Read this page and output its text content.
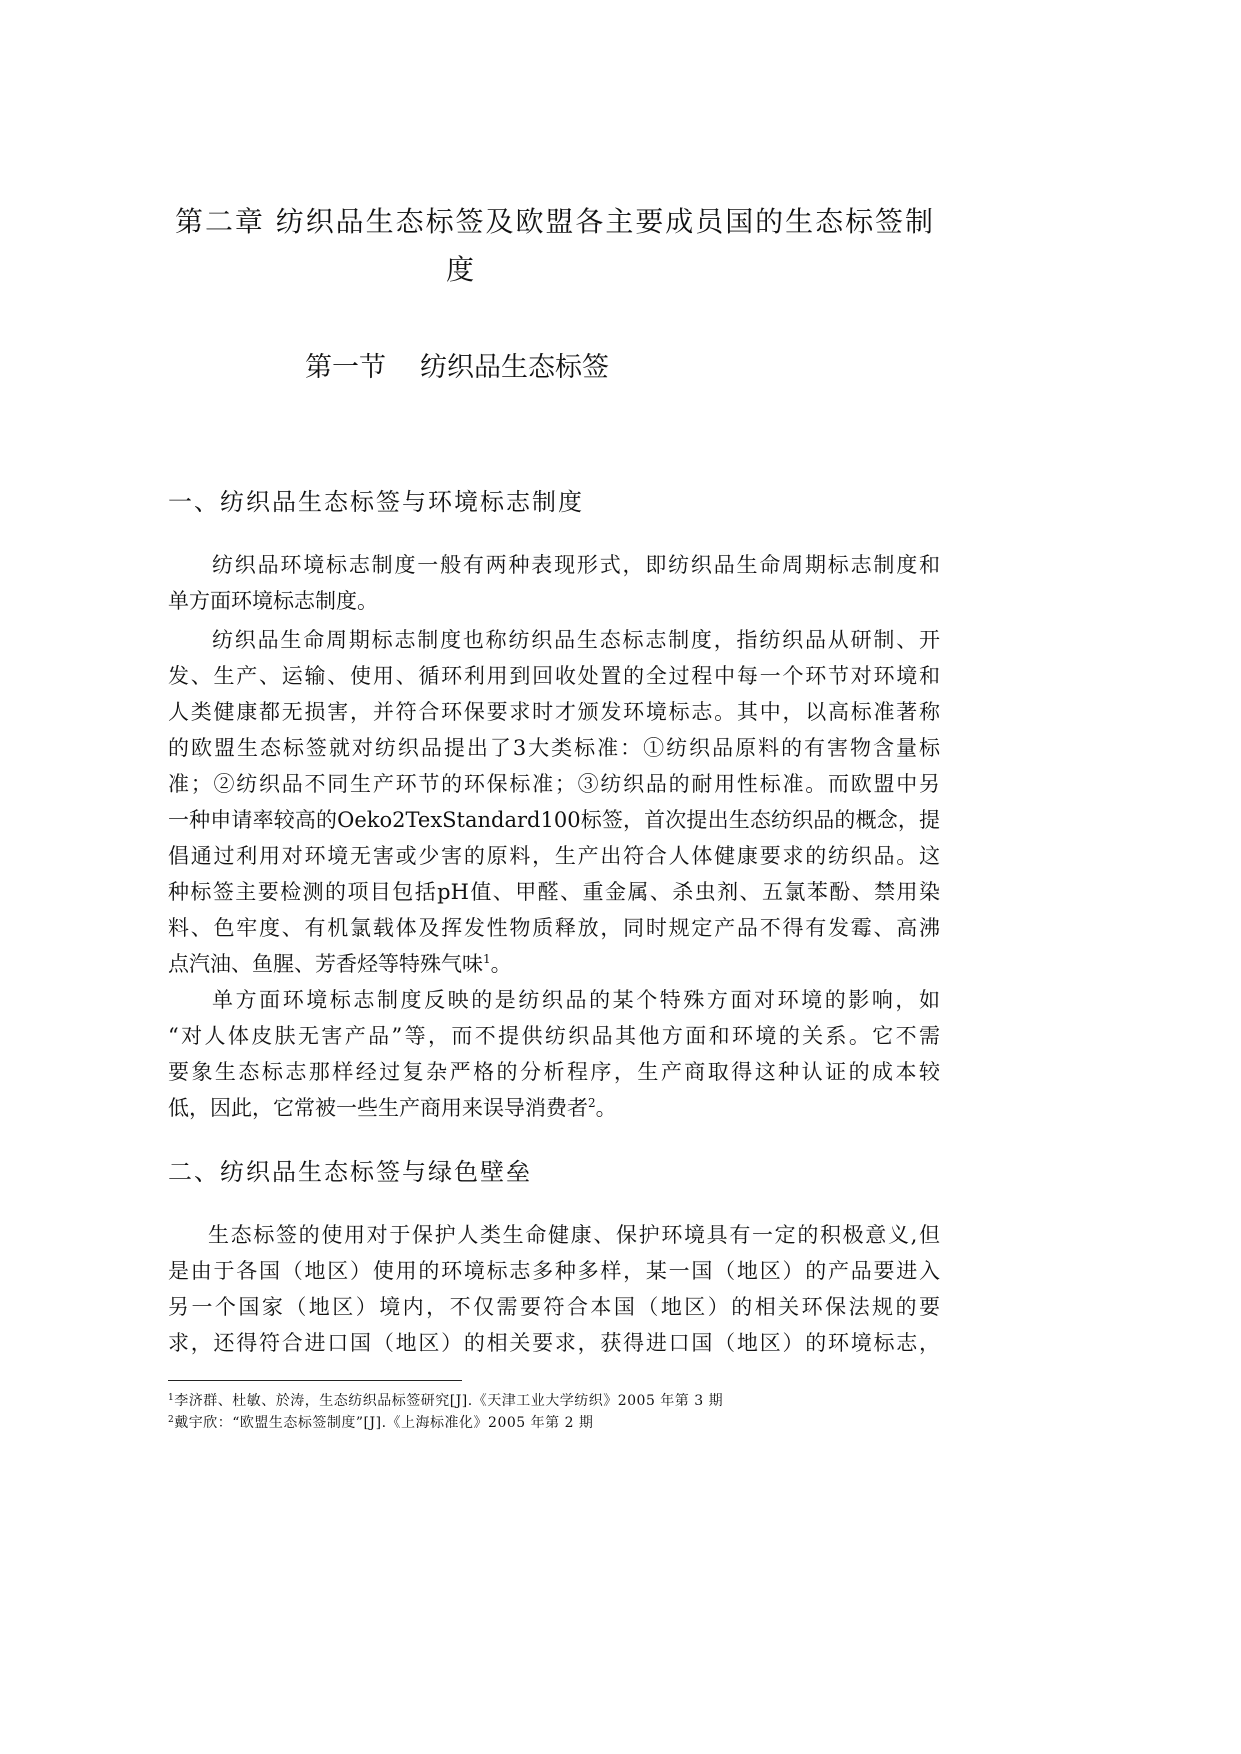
第二章 纺织品生态标签及欧盟各主要成员国的生态标签制
度
第一节 纺织品生态标签
一、纺织品生态标签与环境标志制度
纺织品环境标志制度一般有两种表现形式，即纺织品生命周期标志制度和
单方面环境标志制度。
纺织品生命周期标志制度也称纺织品生态标志制度，指纺织品从研制、开
发、生产、运输、使用、循环利用到回收处置的全过程中每一个环节对环境和
人类健康都无损害，并符合环保要求时才颁发环境标志。其中，以高标准著称
的欧盟生态标签就对纺织品提出了3大类标准：①纺织品原料的有害物含量标
准；②纺织品不同生产环节的环保标准；③纺织品的耐用性标准。而欧盟中另
一种申请率较高的Oeko2TexStandard100标签，首次提出生态纺织品的概念，提
倡通过利用对环境无害或少害的原料，生产出符合人体健康要求的纺织品。这
种标签主要检测的项目包括pH值、甲醛、重金属、杀虫剂、五氯苯酚、禁用染
料、色牢度、有机氯载体及挥发性物质释放，同时规定产品不得有发霉、高沸
点汽油、鱼腥、芳香烃等特殊气味$^1$。
单方面环境标志制度反映的是纺织品的某个特殊方面对环境的影响，如
“对人体皮肤无害产品”等，而不提供纺织品其他方面和环境的关系。它不需
要象生态标志那样经过复杂严格的分析程序，生产商取得这种认证的成本较
低，因此，它常被一些生产商用来误导消费者$^2$。
二、纺织品生态标签与绿色壁垒
生态标签的使用对于保护人类生命健康、保护环境具有一定的积极意义,但
是由于各国（地区）使用的环境标志多种多样，某一国（地区）的产品要进入
另一个国家（地区）境内，不仅需要符合本国（地区）的相关环保法规的要
求，还得符合进口国（地区）的相关要求，获得进口国（地区）的环境标志，
$^1$李济群、杜敏、於涛，生态纺织品标签研究[J].《天津工业大学纺织》2005 年第 3 期
$^2$戴宇欣：“欧盟生态标签制度”[J].《上海标准化》2005 年第 2 期
